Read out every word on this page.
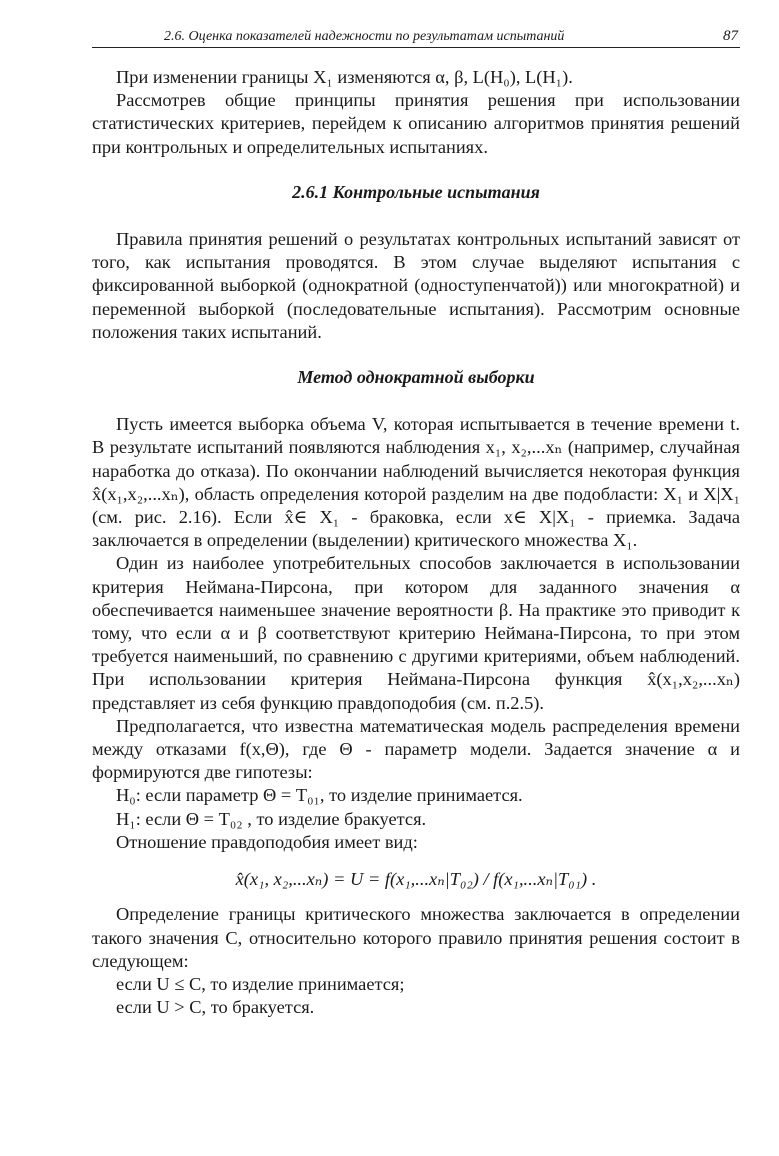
2.6. Оценка показателей надежности по результатам испытаний	87

При изменении границы X₁ изменяются α, β, L(H₀), L(H₁).

Рассмотрев общие принципы принятия решения при использовании статистических критериев, перейдем к описанию алгоритмов принятия решений при контрольных и определительных испытаниях.

2.6.1 Контрольные испытания

Правила принятия решений о результатах контрольных испытаний зависят от того, как испытания проводятся. В этом случае выделяют испытания с фиксированной выборкой (однократной (одноступенчатой)) или многократной) и переменной выборкой (последовательные испытания). Рассмотрим основные положения таких испытаний.

Метод однократной выборки

Пусть имеется выборка объема V, которая испытывается в течение времени t. В результате испытаний появляются наблюдения x₁, x₂,...xₙ (например, случайная наработка до отказа). По окончании наблюдений вычисляется некоторая функция x̂(x₁,x₂,...xₙ), область определения которой разделим на две подобласти: X₁ и X|X₁ (см. рис. 2.16). Если x̂∈ X₁ - браковка, если x∈ X|X₁ - приемка. Задача заключается в определении (выделении) критического множества X₁.

Один из наиболее употребительных способов заключается в использовании критерия Неймана-Пирсона, при котором для заданного значения α обеспечивается наименьшее значение вероятности β. На практике это приводит к тому, что если α и β соответствуют критерию Неймана-Пирсона, то при этом требуется наименьший, по сравнению с другими критериями, объем наблюдений. При использовании критерия Неймана-Пирсона функция x̂(x₁,x₂,...xₙ) представляет из себя функцию правдоподобия (см. п.2.5).

Предполагается, что известна математическая модель распределения времени между отказами f(x,Θ), где Θ - параметр модели. Задается значение α и формируются две гипотезы:

H₀: если параметр Θ = T₀₁, то изделие принимается.

H₁: если Θ = T₀₂ , то изделие бракуется.

Отношение правдоподобия имеет вид:

x̂(x₁, x₂,...xₙ) = U = f(x₁,...xₙ|T₀₂) / f(x₁,...xₙ|T₀₁) .

Определение границы критического множества заключается в определении такого значения C, относительно которого правило принятия решения состоит в следующем:

если U ≤ C, то изделие принимается;

если U > C, то бракуется.
